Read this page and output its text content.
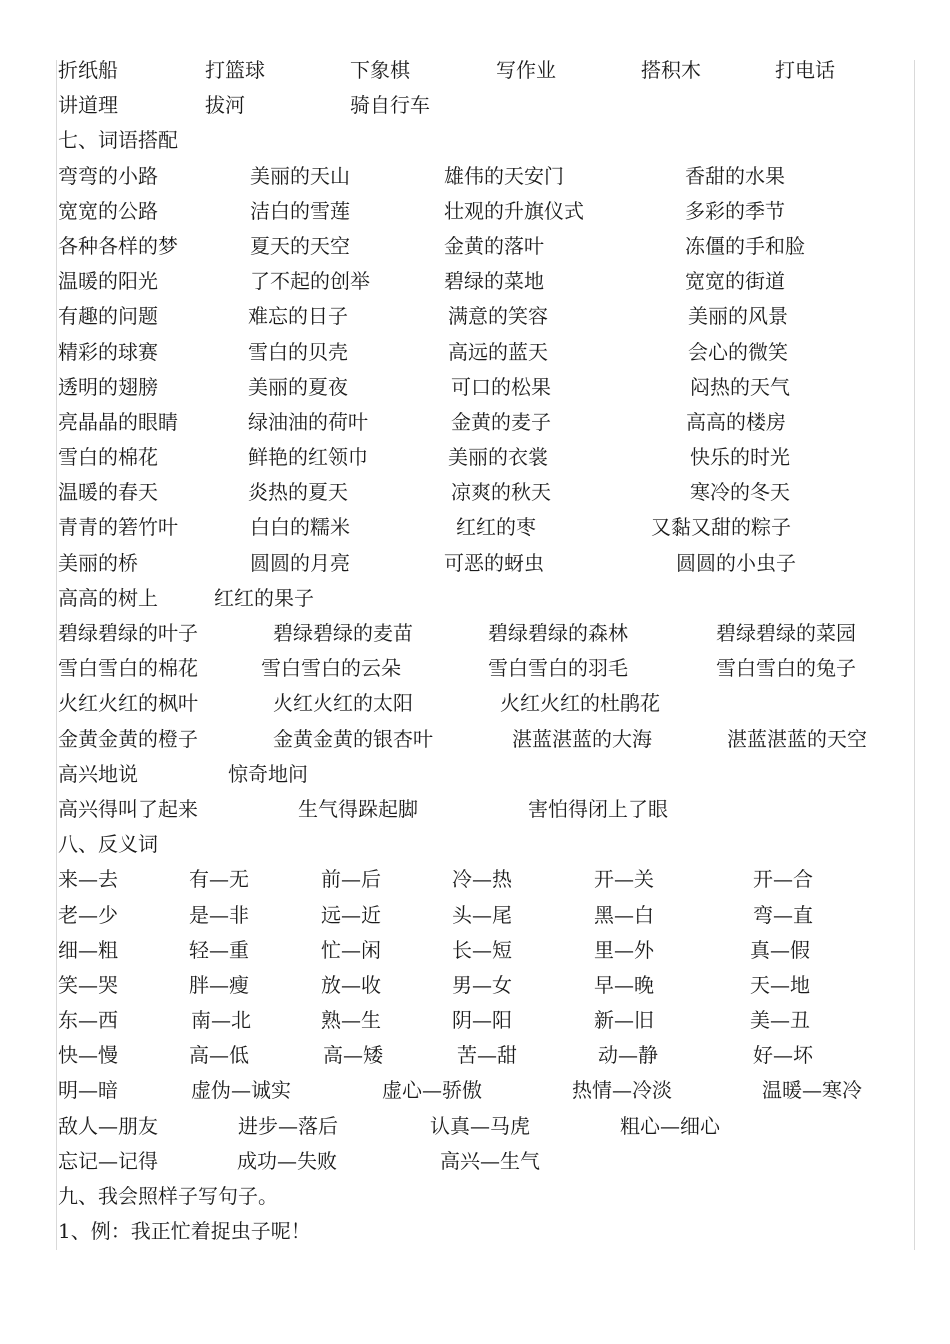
折纸船	打篮球	下象棋	写作业	搭积木	打电话
讲道理	拔河	骑自行车
七、词语搭配
弯弯的小路	美丽的天山	雄伟的天安门	香甜的水果
宽宽的公路	洁白的雪莲	壮观的升旗仪式	多彩的季节
各种各样的梦	夏天的天空	金黄的落叶	冻僵的手和脸
温暖的阳光	了不起的创举	碧绿的菜地	宽宽的街道
有趣的问题	难忘的日子	满意的笑容	美丽的风景
精彩的球赛	雪白的贝壳	高远的蓝天	会心的微笑
透明的翅膀	美丽的夏夜	可口的松果	闷热的天气
亮晶晶的眼睛	绿油油的荷叶	金黄的麦子	高高的楼房
雪白的棉花	鲜艳的红领巾	美丽的衣裳	快乐的时光
温暖的春天	炎热的夏天	凉爽的秋天	寒冷的冬天
青青的箬竹叶	白白的糯米	红红的枣	又黏又甜的粽子
美丽的桥	圆圆的月亮	可恶的蚜虫	圆圆的小虫子
高高的树上	红红的果子
碧绿碧绿的叶子	碧绿碧绿的麦苗	碧绿碧绿的森林	碧绿碧绿的菜园
雪白雪白的棉花	雪白雪白的云朵	雪白雪白的羽毛	雪白雪白的兔子
火红火红的枫叶	火红火红的太阳	火红火红的杜鹃花
金黄金黄的橙子	金黄金黄的银杏叶	湛蓝湛蓝的大海	湛蓝湛蓝的天空
高兴地说	惊奇地问
高兴得叫了起来	生气得跺起脚	害怕得闭上了眼
八、反义词
来—去	有—无	前—后	冷—热	开—关	开—合
老—少	是—非	远—近	头—尾	黑—白	弯—直
细—粗	轻—重	忙—闲	长—短	里—外	真—假
笑—哭	胖—瘦	放—收	男—女	早—晚	天—地
东—西	南—北	熟—生	阴—阳	新—旧	美—丑
快—慢	高—低	高—矮	苦—甜	动—静	好—坏
明—暗	虚伪—诚实	虚心—骄傲	热情—冷淡	温暖—寒冷
敌人—朋友	进步—落后	认真—马虎	粗心—细心
忘记—记得	成功—失败	高兴—生气
九、我会照样子写句子。
1、例：我正忙着捉虫子呢！
